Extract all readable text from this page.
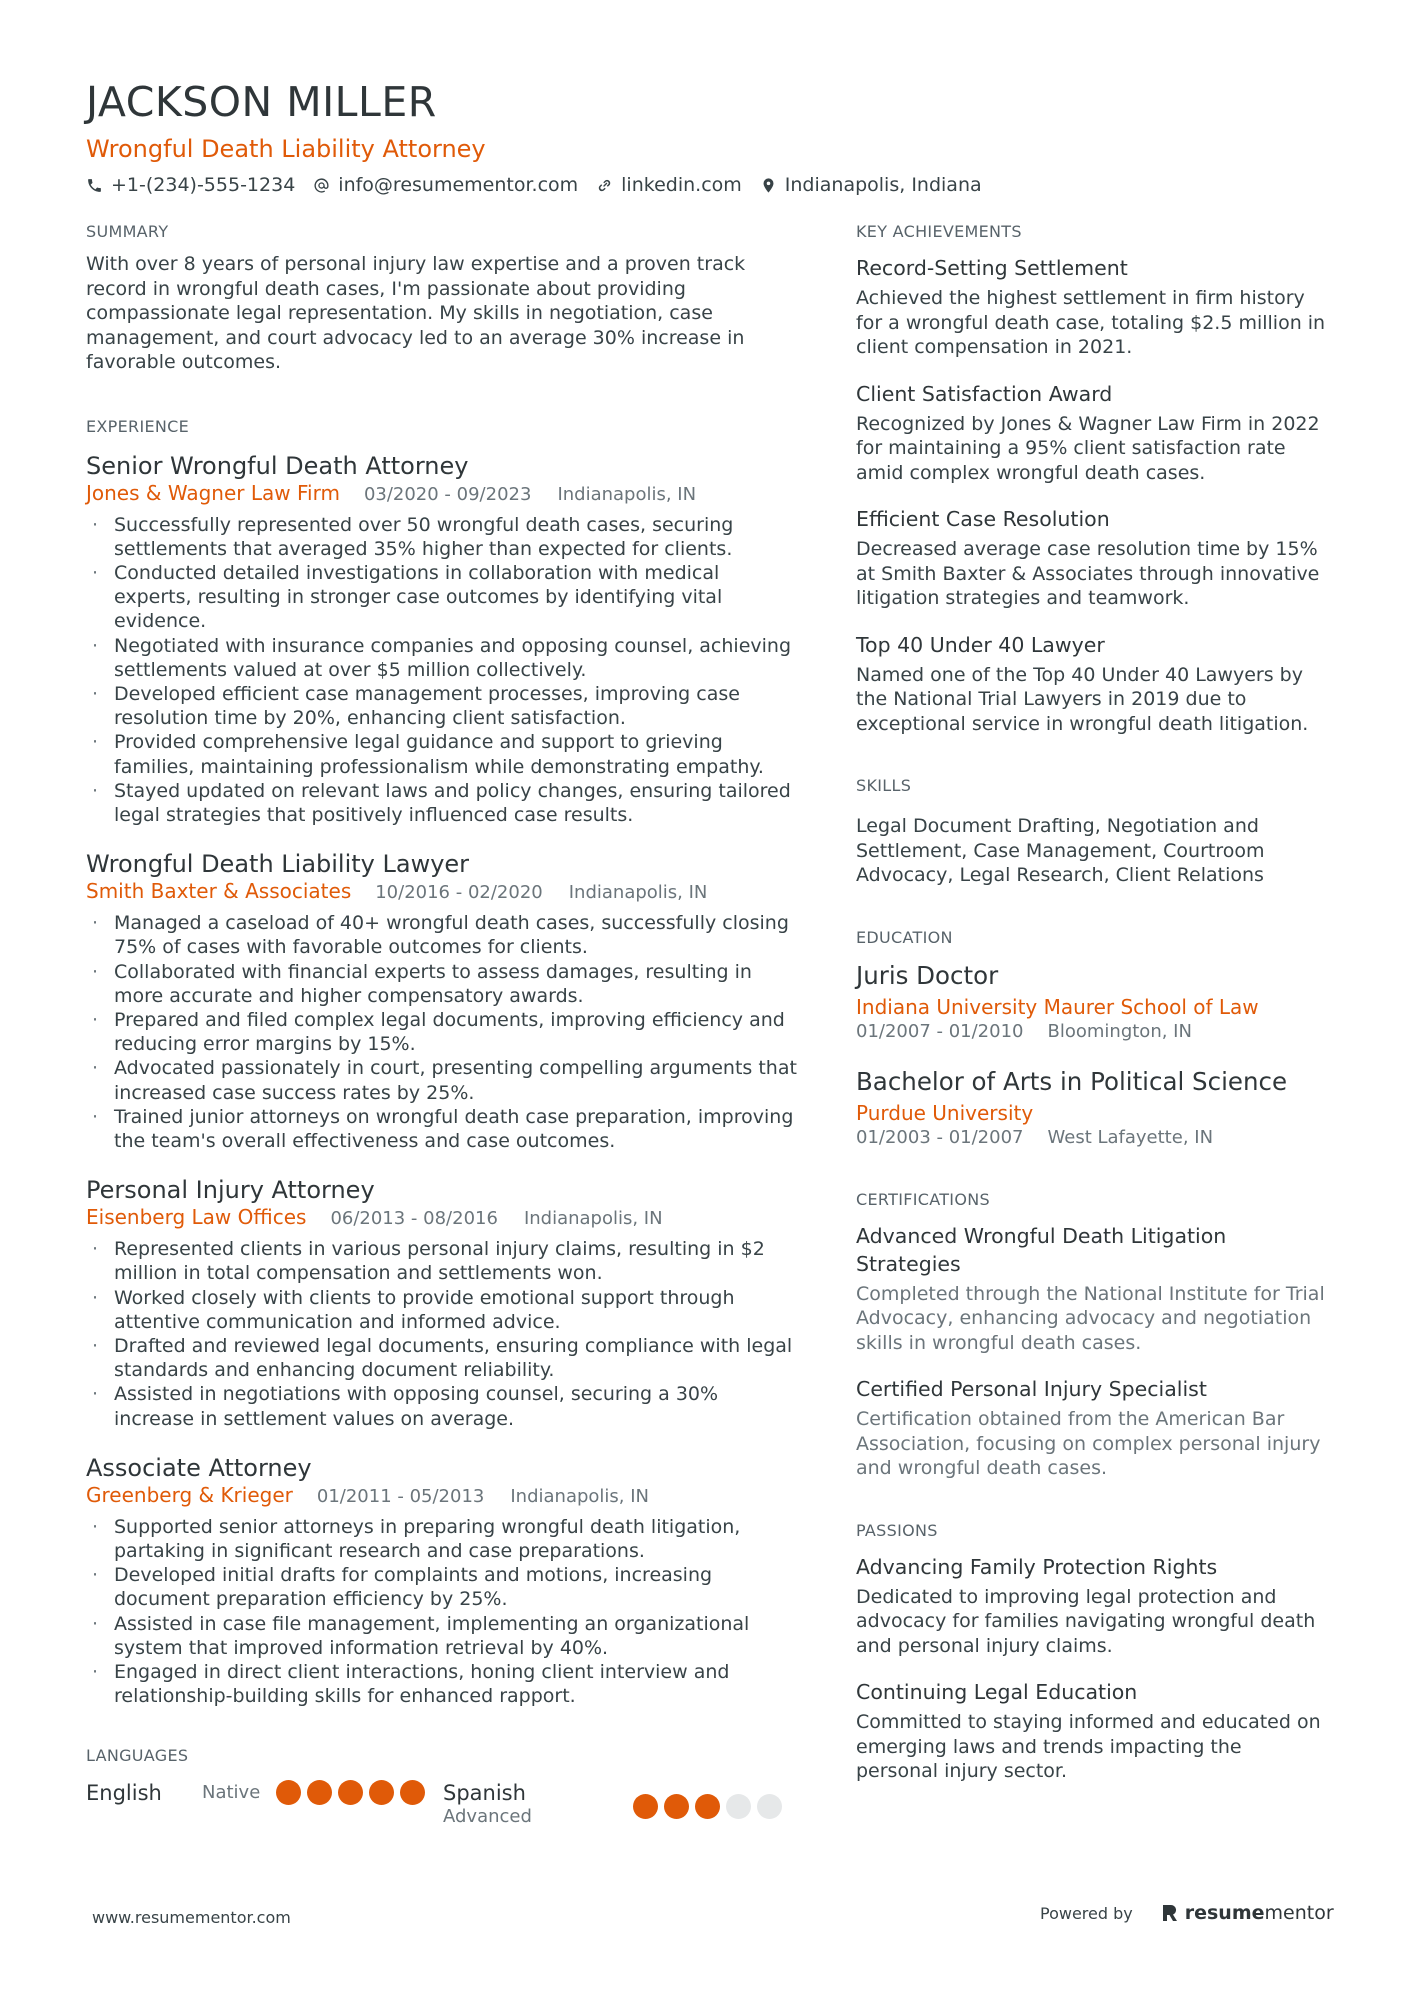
JACKSON MILLER
Wrongful Death Liability Attorney
+1-(234)-555-1234 info@resumementor.com linkedin.com Indianapolis, Indiana
SUMMARY
With over 8 years of personal injury law expertise and a proven track record in wrongful death cases, I'm passionate about providing compassionate legal representation. My skills in negotiation, case management, and court advocacy led to an average 30% increase in favorable outcomes.
EXPERIENCE
Senior Wrongful Death Attorney
Jones & Wagner Law Firm 03/2020 - 09/2023 Indianapolis, IN
· Successfully represented over 50 wrongful death cases, securing settlements that averaged 35% higher than expected for clients.
· Conducted detailed investigations in collaboration with medical experts, resulting in stronger case outcomes by identifying vital evidence.
· Negotiated with insurance companies and opposing counsel, achieving settlements valued at over $5 million collectively.
· Developed efficient case management processes, improving case resolution time by 20%, enhancing client satisfaction.
· Provided comprehensive legal guidance and support to grieving families, maintaining professionalism while demonstrating empathy.
· Stayed updated on relevant laws and policy changes, ensuring tailored legal strategies that positively influenced case results.
Wrongful Death Liability Lawyer
Smith Baxter & Associates 10/2016 - 02/2020 Indianapolis, IN
· Managed a caseload of 40+ wrongful death cases, successfully closing 75% of cases with favorable outcomes for clients.
· Collaborated with financial experts to assess damages, resulting in more accurate and higher compensatory awards.
· Prepared and filed complex legal documents, improving efficiency and reducing error margins by 15%.
· Advocated passionately in court, presenting compelling arguments that increased case success rates by 25%.
· Trained junior attorneys on wrongful death case preparation, improving the team's overall effectiveness and case outcomes.
Personal Injury Attorney
Eisenberg Law Offices 06/2013 - 08/2016 Indianapolis, IN
· Represented clients in various personal injury claims, resulting in $2 million in total compensation and settlements won.
· Worked closely with clients to provide emotional support through attentive communication and informed advice.
· Drafted and reviewed legal documents, ensuring compliance with legal standards and enhancing document reliability.
· Assisted in negotiations with opposing counsel, securing a 30% increase in settlement values on average.
Associate Attorney
Greenberg & Krieger 01/2011 - 05/2013 Indianapolis, IN
· Supported senior attorneys in preparing wrongful death litigation, partaking in significant research and case preparations.
· Developed initial drafts for complaints and motions, increasing document preparation efficiency by 25%.
· Assisted in case file management, implementing an organizational system that improved information retrieval by 40%.
· Engaged in direct client interactions, honing client interview and relationship-building skills for enhanced rapport.
LANGUAGES
English	Native	Spanish
Advanced
KEY ACHIEVEMENTS
Record-Setting Settlement
Achieved the highest settlement in firm history for a wrongful death case, totaling $2.5 million in client compensation in 2021.
Client Satisfaction Award
Recognized by Jones & Wagner Law Firm in 2022 for maintaining a 95% client satisfaction rate amid complex wrongful death cases.
Efficient Case Resolution
Decreased average case resolution time by 15% at Smith Baxter & Associates through innovative litigation strategies and teamwork.
Top 40 Under 40 Lawyer
Named one of the Top 40 Under 40 Lawyers by the National Trial Lawyers in 2019 due to exceptional service in wrongful death litigation.
SKILLS
Legal Document Drafting, Negotiation and Settlement, Case Management, Courtroom Advocacy, Legal Research, Client Relations
EDUCATION
Juris Doctor
Indiana University Maurer School of Law
01/2007 - 01/2010 Bloomington, IN
Bachelor of Arts in Political Science
Purdue University
01/2003 - 01/2007 West Lafayette, IN
CERTIFICATIONS
Advanced Wrongful Death Litigation Strategies
Completed through the National Institute for Trial Advocacy, enhancing advocacy and negotiation skills in wrongful death cases.
Certified Personal Injury Specialist
Certification obtained from the American Bar Association, focusing on complex personal injury and wrongful death cases.
PASSIONS
Advancing Family Protection Rights
Dedicated to improving legal protection and advocacy for families navigating wrongful death and personal injury claims.
Continuing Legal Education
Committed to staying informed and educated on emerging laws and trends impacting the personal injury sector.
www.resumementor.com	Powered by	resume mentor
